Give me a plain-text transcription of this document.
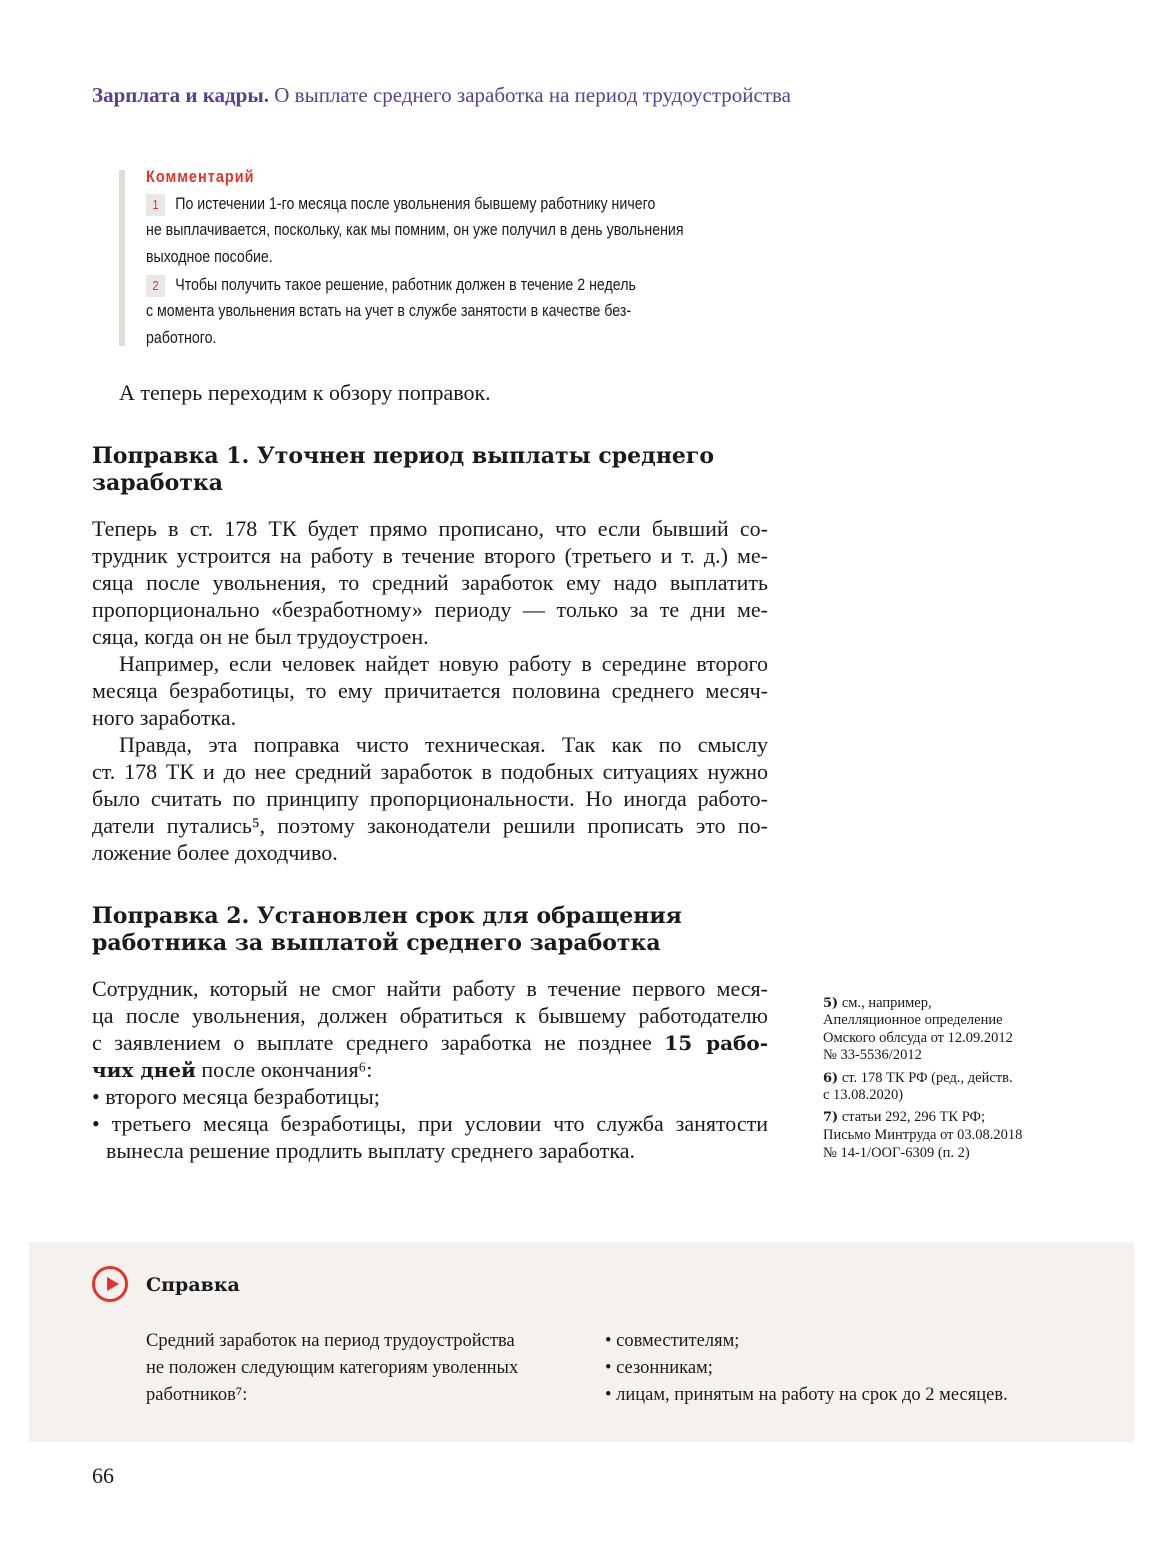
Зарплата и кадры. О выплате среднего заработка на период трудоустройства
Комментарий
1 По истечении 1-го месяца после увольнения бывшему работнику ничего
не выплачивается, поскольку, как мы помним, он уже получил в день увольнения
выходное пособие.
2 Чтобы получить такое решение, работник должен в течение 2 недель
с момента увольнения встать на учет в службе занятости в качестве без-
работного.
А теперь переходим к обзору поправок.
Поправка 1. Уточнен период выплаты среднего
заработка
Теперь в ст. 178 ТК будет прямо прописано, что если бывший со-
трудник устроится на работу в течение второго (третьего и т. д.) ме-
сяца после увольнения, то средний заработок ему надо выплатить
пропорционально «безработному» периоду — только за те дни ме-
сяца, когда он не был трудоустроен.
Например, если человек найдет новую работу в середине второго
месяца безработицы, то ему причитается половина среднего месяч-
ного заработка.
Правда, эта поправка чисто техническая. Так как по смыслу
ст. 178 ТК и до нее средний заработок в подобных ситуациях нужно
было считать по принципу пропорциональности. Но иногда работо-
датели путались⁵, поэтому законодатели решили прописать это по-
ложение более доходчиво.
Поправка 2. Установлен срок для обращения
работника за выплатой среднего заработка
Сотрудник, который не смог найти работу в течение первого меся-
ца после увольнения, должен обратиться к бывшему работодателю
с заявлением о выплате среднего заработка не позднее 15 рабо-
чих дней после окончания⁶:
• второго месяца безработицы;
• третьего месяца безработицы, при условии что служба занятости
вынесла решение продлить выплату среднего заработка.
5) см., например,
Апелляционное определение
Омского облсуда от 12.09.2012
№ 33-5536/2012
6) ст. 178 ТК РФ (ред., действ.
с 13.08.2020)
7) статьи 292, 296 ТК РФ;
Письмо Минтруда от 03.08.2018
№ 14-1/ООГ-6309 (п. 2)
Справка
Средний заработок на период трудоустройства
не положен следующим категориям уволенных
работников⁷:
• совместителям;
• сезонникам;
• лицам, принятым на работу на срок до 2 месяцев.
66
